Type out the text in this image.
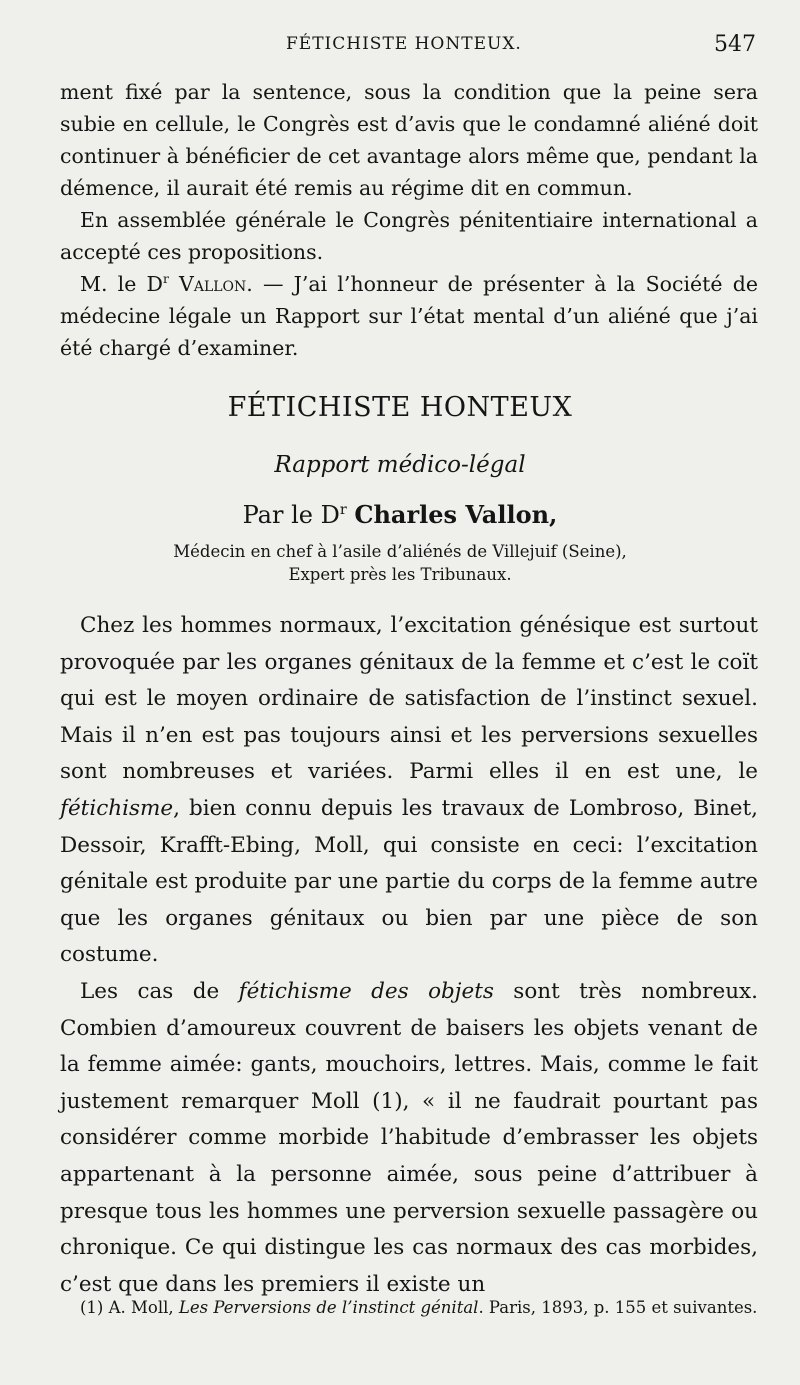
FÉTICHISTE HONTEUX.	547

ment fixé par la sentence, sous la condition que la peine sera subie en cellule, le Congrès est d’avis que le condamné aliéné doit continuer à bénéficier de cet avantage alors même que, pendant la démence, il aurait été remis au régime dit en commun.

En assemblée générale le Congrès pénitentiaire international a accepté ces propositions.

M. le $D^r$ Vallon. — J’ai l’honneur de présenter à la Société de médecine légale un Rapport sur l’état mental d’un aliéné que j’ai été chargé d’examiner.

FÉTICHISTE HONTEUX
Rapport médico-légal
Par le $D^r$ Charles Vallon,
Médecin en chef à l’asile d’aliénés de Villejuif (Seine),
Expert près les Tribunaux.

Chez les hommes normaux, l’excitation génésique est surtout provoquée par les organes génitaux de la femme et c’est le coït qui est le moyen ordinaire de satisfaction de l’instinct sexuel. Mais il n’en est pas toujours ainsi et les perversions sexuelles sont nombreuses et variées. Parmi elles il en est une, le fétichisme, bien connu depuis les travaux de Lombroso, Binet, Dessoir, Krafft-Ebing, Moll, qui consiste en ceci: l’excitation génitale est produite par une partie du corps de la femme autre que les organes génitaux ou bien par une pièce de son costume.

Les cas de fétichisme des objets sont très nombreux. Combien d’amoureux couvrent de baisers les objets venant de la femme aimée: gants, mouchoirs, lettres. Mais, comme le fait justement remarquer Moll (1), « il ne faudrait pourtant pas considérer comme morbide l’habitude d’embrasser les objets appartenant à la personne aimée, sous peine d’attribuer à presque tous les hommes une perversion sexuelle passagère ou chronique. Ce qui distingue les cas normaux des cas morbides, c’est que dans les premiers il existe un

(1) A. Moll, Les Perversions de l’instinct génital. Paris, 1893, p. 155 et suivantes.
